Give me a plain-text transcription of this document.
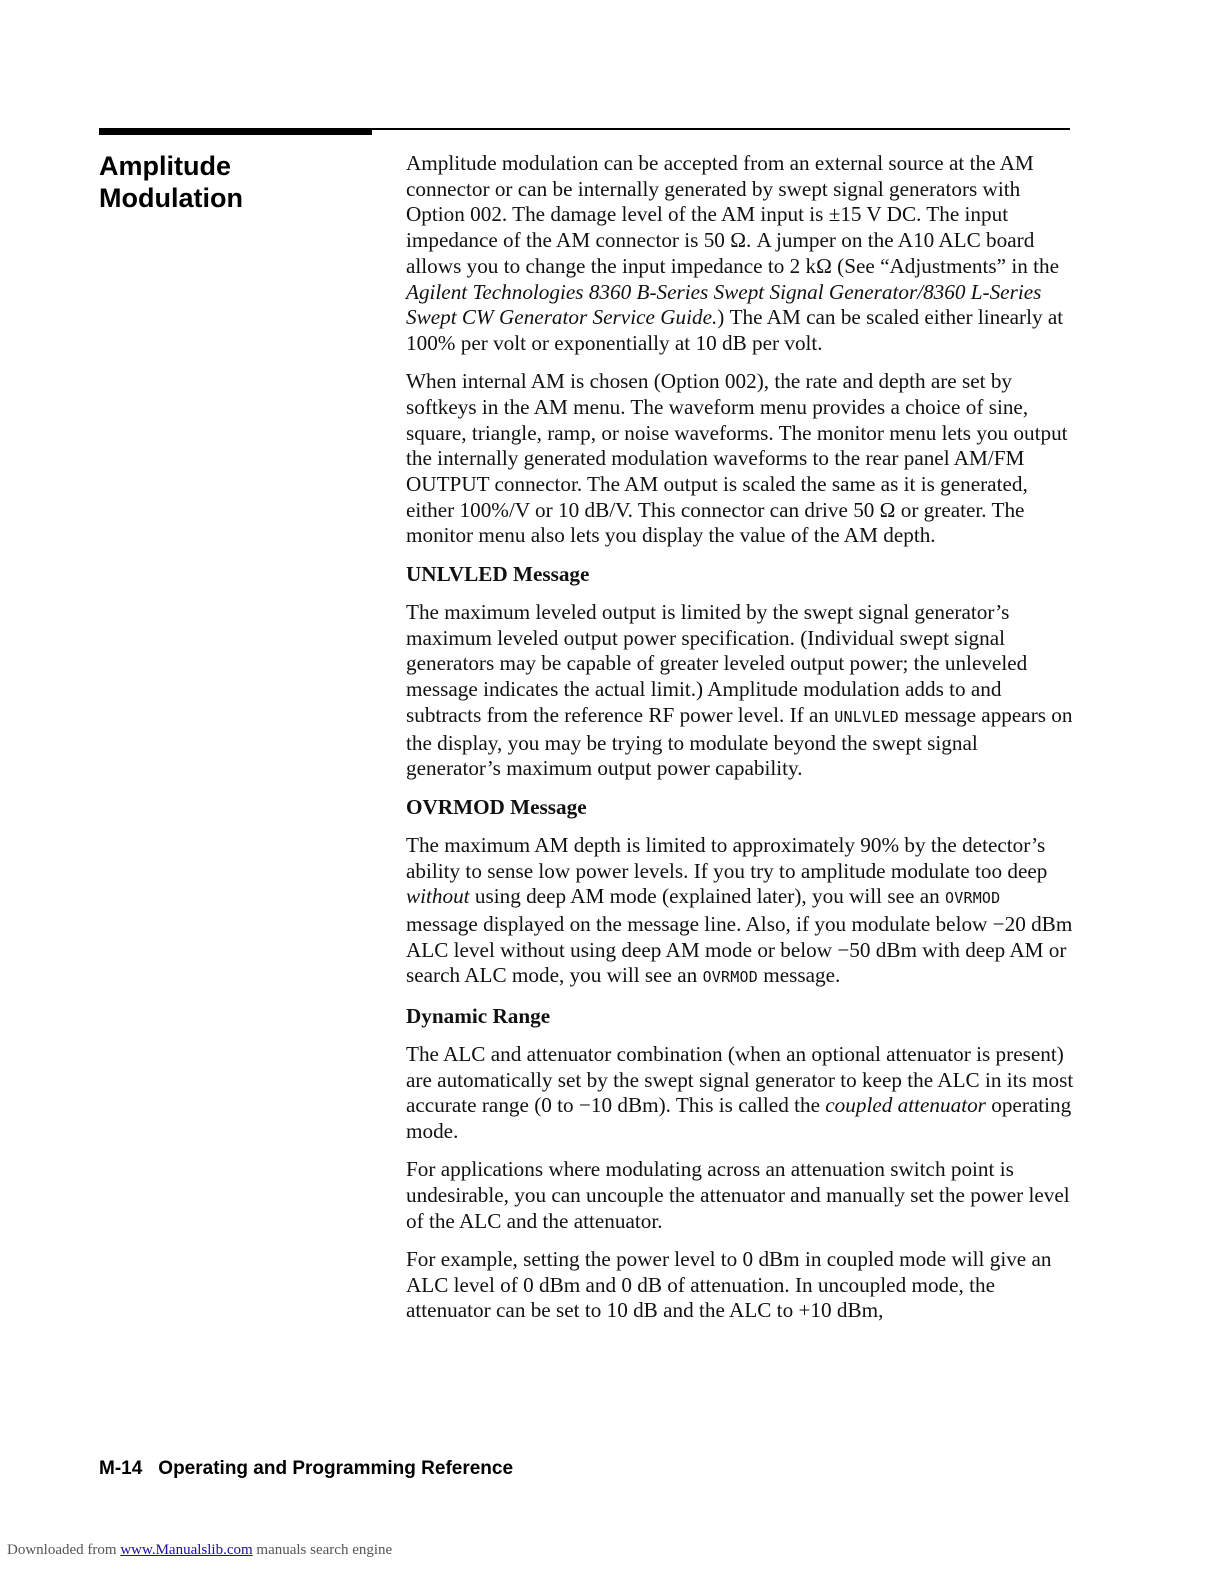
Amplitude
Modulation

Amplitude modulation can be accepted from an external source at the AM connector or can be internally generated by swept signal generators with Option 002. The damage level of the AM input is ±15 V DC. The input impedance of the AM connector is 50 Ω. A jumper on the A10 ALC board allows you to change the input impedance to 2 kΩ (See “Adjustments” in the Agilent Technologies 8360 B-Series Swept Signal Generator/8360 L-Series Swept CW Generator Service Guide.) The AM can be scaled either linearly at 100% per volt or exponentially at 10 dB per volt.

When internal AM is chosen (Option 002), the rate and depth are set by softkeys in the AM menu. The waveform menu provides a choice of sine, square, triangle, ramp, or noise waveforms. The monitor menu lets you output the internally generated modulation waveforms to the rear panel AM/FM OUTPUT connector. The AM output is scaled the same as it is generated, either 100%/V or 10 dB/V. This connector can drive 50 Ω or greater. The monitor menu also lets you display the value of the AM depth.

UNLVLED Message

The maximum leveled output is limited by the swept signal generator’s maximum leveled output power specification. (Individual swept signal generators may be capable of greater leveled output power; the unleveled message indicates the actual limit.) Amplitude modulation adds to and subtracts from the reference RF power level. If an UNLVLED message appears on the display, you may be trying to modulate beyond the swept signal generator’s maximum output power capability.

OVRMOD Message

The maximum AM depth is limited to approximately 90% by the detector’s ability to sense low power levels. If you try to amplitude modulate too deep without using deep AM mode (explained later), you will see an OVRMOD message displayed on the message line. Also, if you modulate below −20 dBm ALC level without using deep AM mode or below −50 dBm with deep AM or search ALC mode, you will see an OVRMOD message.

Dynamic Range

The ALC and attenuator combination (when an optional attenuator is present) are automatically set by the swept signal generator to keep the ALC in its most accurate range (0 to −10 dBm). This is called the coupled attenuator operating mode.

For applications where modulating across an attenuation switch point is undesirable, you can uncouple the attenuator and manually set the power level of the ALC and the attenuator.

For example, setting the power level to 0 dBm in coupled mode will give an ALC level of 0 dBm and 0 dB of attenuation. In uncoupled mode, the attenuator can be set to 10 dB and the ALC to +10 dBm,

M-14 Operating and Programming Reference
Downloaded from www.Manualslib.com manuals search engine
